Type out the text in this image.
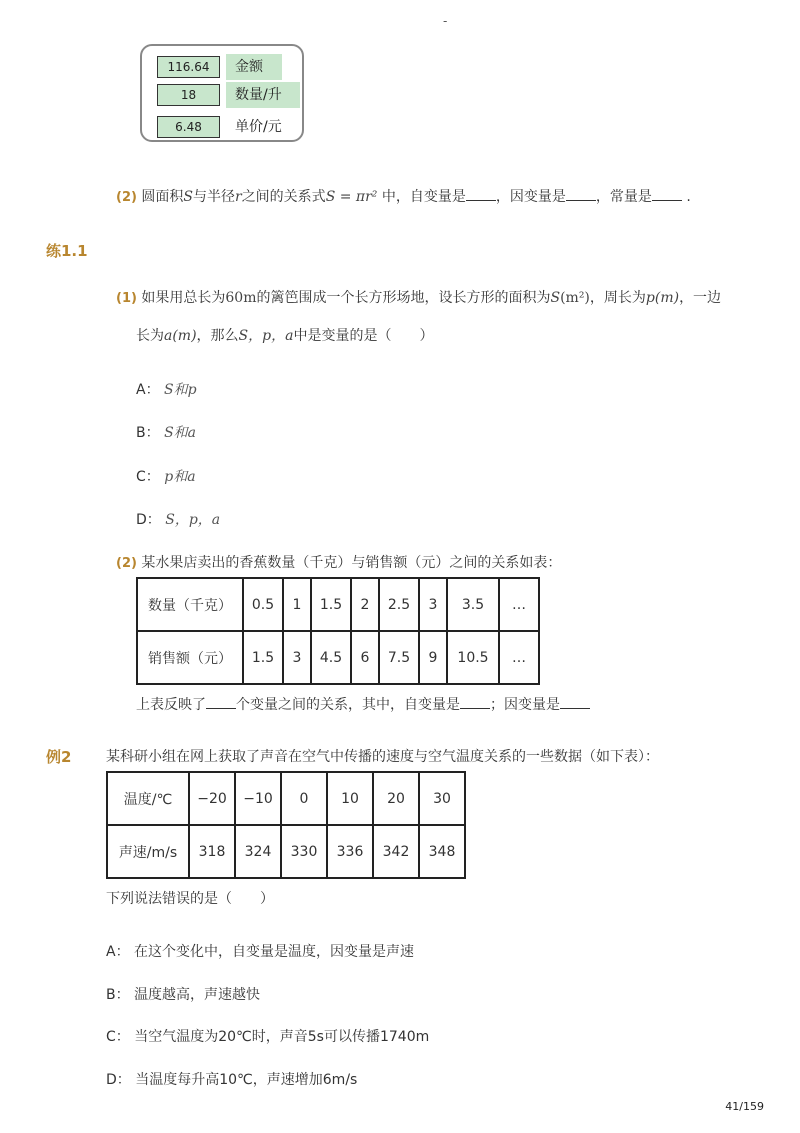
-
116.64	金额
18	数量/升
6.48	单价/元
(2) 圆面积S与半径r之间的关系式S = πr² 中，自变量是 ，因变量是 ，常量是 .
练1.1
(1) 如果用总长为60m的篱笆围成一个长方形场地，设长方形的面积为S(m²)，周长为p(m)，一边
长为a(m)，那么S，p，a中是变量的是（　　）
A： S和p
B： S和a
C： p和a
D： S，p，a
(2) 某水果店卖出的香蕉数量（千克）与销售额（元）之间的关系如表：
数量（千克）	0.5	1	1.5	2	2.5	3	3.5	…
销售额（元）	1.5	3	4.5	6	7.5	9	10.5	…
上表反映了 个变量之间的关系，其中，自变量是 ；因变量是
例2 某科研小组在网上获取了声音在空气中传播的速度与空气温度关系的一些数据（如下表）：
温度/℃	−20	−10	0	10	20	30
声速/m/s	318	324	330	336	342	348
下列说法错误的是（　　）
A： 在这个变化中，自变量是温度，因变量是声速
B： 温度越高，声速越快
C： 当空气温度为20℃时，声音5s可以传播1740m
D： 当温度每升高10℃，声速增加6m/s
41/159
